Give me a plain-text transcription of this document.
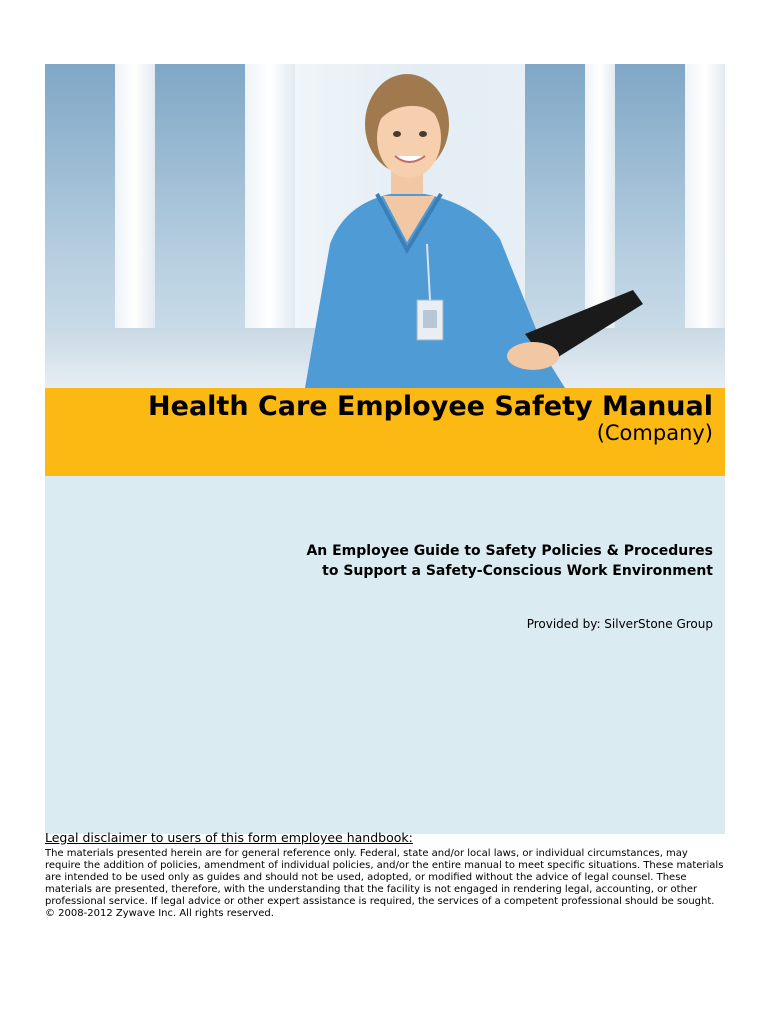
Health Care Employee Safety Manual
(Company)
An Employee Guide to Safety Policies & Procedures
to Support a Safety-Conscious Work Environment
Provided by: SilverStone Group
Legal disclaimer to users of this form employee handbook:
The materials presented herein are for general reference only. Federal, state and/or local laws, or individual circumstances, may require the addition of policies, amendment of individual policies, and/or the entire manual to meet specific situations. These materials are intended to be used only as guides and should not be used, adopted, or modified without the advice of legal counsel. These materials are presented, therefore, with the understanding that the facility is not engaged in rendering legal, accounting, or other professional service. If legal advice or other expert assistance is required, the services of a competent professional should be sought. © 2008-2012 Zywave Inc. All rights reserved.
